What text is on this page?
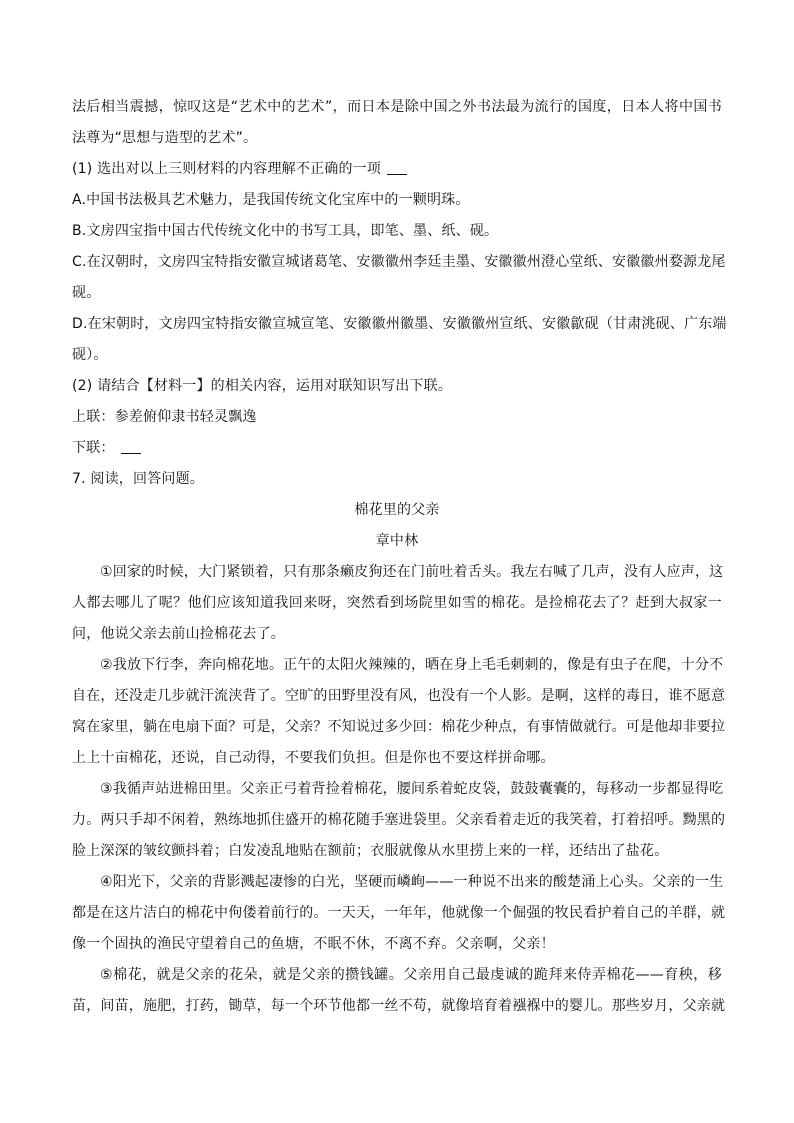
法后相当震撼，惊叹这是“艺术中的艺术”，而日本是除中国之外书法最为流行的国度，日本人将中国书
法尊为“思想与造型的艺术”。
(1) 选出对以上三则材料的内容理解不正确的一项
A.中国书法极具艺术魅力，是我国传统文化宝库中的一颗明珠。
B.文房四宝指中国古代传统文化中的书写工具，即笔、墨、纸、砚。
C.在汉朝时，文房四宝特指安徽宣城诸葛笔、安徽徽州李廷圭墨、安徽徽州澄心堂纸、安徽徽州婺源龙尾
砚。
D.在宋朝时，文房四宝特指安徽宣城宣笔、安徽徽州徽墨、安徽徽州宣纸、安徽歙砚（甘肃洮砚、广东端
砚）。
(2) 请结合【材料一】的相关内容，运用对联知识写出下联。
上联：参差俯仰隶书轻灵飘逸
下联：
7. 阅读，回答问题。
棉花里的父亲
章中林
①回家的时候，大门紧锁着，只有那条癞皮狗还在门前吐着舌头。我左右喊了几声，没有人应声，这
人都去哪儿了呢？他们应该知道我回来呀，突然看到场院里如雪的棉花。是捡棉花去了？赶到大叔家一
问，他说父亲去前山捡棉花去了。
②我放下行李，奔向棉花地。正午的太阳火辣辣的，晒在身上毛毛刺刺的，像是有虫子在爬，十分不
自在，还没走几步就汗流浃背了。空旷的田野里没有风，也没有一个人影。是啊，这样的毒日，谁不愿意
窝在家里，躺在电扇下面？可是，父亲？不知说过多少回：棉花少种点，有事情做就行。可是他却非要拉
上上十亩棉花，还说，自己动得，不要我们负担。但是你也不要这样拼命哪。
③我循声站进棉田里。父亲正弓着背捡着棉花，腰间系着蛇皮袋，鼓鼓囊囊的，每移动一步都显得吃
力。两只手却不闲着，熟练地抓住盛开的棉花随手塞进袋里。父亲看着走近的我笑着，打着招呼。黝黑的
脸上深深的皱纹颤抖着；白发凌乱地贴在额前；衣服就像从水里捞上来的一样，还结出了盐花。
④阳光下，父亲的背影溅起凄惨的白光，坚硬而嶙峋——一种说不出来的酸楚涌上心头。父亲的一生
都是在这片洁白的棉花中佝偻着前行的。一天天，一年年，他就像一个倔强的牧民看护着自己的羊群，就
像一个固执的渔民守望着自己的鱼塘，不眠不休，不离不弃。父亲啊，父亲！
⑤棉花，就是父亲的花朵，就是父亲的攒钱罐。父亲用自己最虔诚的跪拜来侍弄棉花——育秧，移
苗，间苗，施肥，打药，锄草，每一个环节他都一丝不苟，就像培育着襁褓中的婴儿。那些岁月，父亲就
